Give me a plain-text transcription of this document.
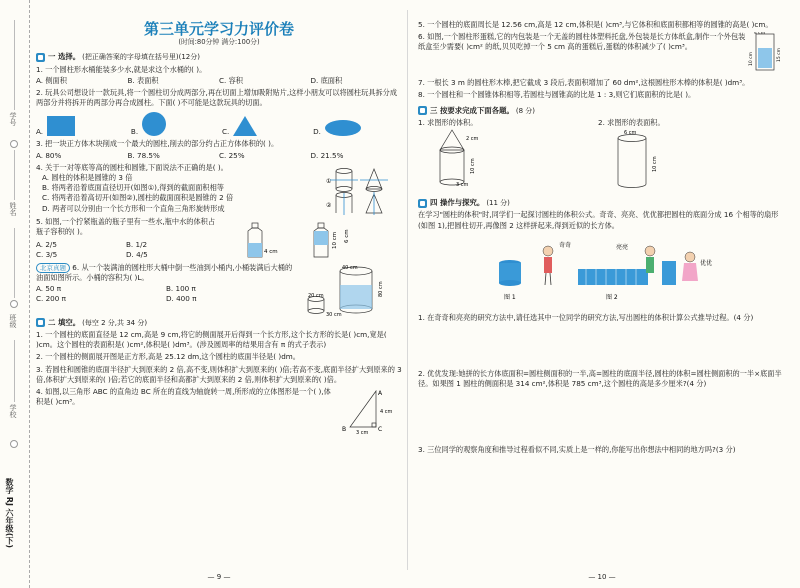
学号
姓名
班级
学校
数学 RJ 六年级(下)
第三单元学习力评价卷
(时间:80分钟 满分:100分)
一 选择。 (把正确答案的字母填在括号里)(12分)
1. 一个圆柱形水桶能装多少水,就是求这个水桶的( )。
A. 侧面积	B. 表面积	C. 容积	D. 底面积
2. 玩具公司想设计一款玩具,将一个圆柱切分成两部分,再在切面上增加吸附贴片,这样小朋友可以将圆柱玩具拆分成两部分并将拆开的两部分再合成圆柱。下面( )不可能是这款玩具的切面。
A.	B.	C.	D.
3. 把一块正方体木块削成一个最大的圆柱,削去的部分约占正方体体积的( )。
A. 80%	B. 78.5%	C. 25%	D. 21.5%
4. 关于一对等底等高的圆柱和圆锥,下面说法不正确的是( )。
A. 圆柱的体积是圆锥的 3 倍
B. 将两者沿着底面直径切开(如图①),得到的截面面积相等
C. 将两者沿着高切开(如图②),圆柱的截面面积是圆锥的 2 倍
D. 两者可以分别由一个长方形和一个直角三角形旋转形成
①
②
5. 如图,一个拧紧瓶盖的瓶子里有一些水,瓶中水的体积占瓶子容积的( )。
A. 2/5	B. 1/2
C. 3/5	D. 4/5	4 cm
10 cm 6 cm
北京真题 6. 从一个装满油的圆柱形大桶中倒一些油到小桶内,小桶装满后大桶的油面如图所示。小桶的容积为( )L。
A. 50 π	B. 100 π
C. 200 π	D. 400 π
40 cm
80 cm
20 cm
30 cm
二 填空。 (每空 2 分,共 34 分)
1. 一个圆柱的底面直径是 12 cm,高是 9 cm,将它的侧面展开后得到一个长方形,这个长方形的长是( )cm,宽是( )cm。这个圆柱的表面积是( )cm²,体积是( )dm³。(涉及圆周率的结果用含有 π 的式子表示)
2. 一个圆柱的侧面展开图是正方形,高是 25.12 dm,这个圆柱的底面半径是( )dm。
3. 若圆柱和圆锥的底面半径扩大到原来的 2 倍,高不变,则体积扩大到原来的( )倍;若高不变,底面半径扩大到原来的 3 倍,体积扩大到原来的( )倍;若它的底面半径和高都扩大到原来的 2 倍,则体积扩大到原来的( )倍。
4. 如图,以三角形 ABC 的直角边 BC 所在的直线为轴旋转一周,所形成的立体图形是一个( ),体积是( )cm³。
A
4 cm
B 3 cm C
— 9 —
5. 一个圆柱的底面周长是 12.56 cm,高是 12 cm,体积是( )cm³,与它体积和底面积都相等的圆锥的高是( )cm。
6. 如图,一个圆柱形蛋糕,它的内包装是一个无盖的圆柱体塑料托盘,外包装是长方体纸盒,制作一个外包装纸盒至少需要( )cm² 的纸,贝贝吃掉一个 5 cm 高的蛋糕后,蛋糕的体积减少了( )cm³。
4 cm
15 cm
10 cm
7. 一根长 3 m 的圆柱形木棒,把它截成 3 段后,表面积增加了 60 dm²,这根圆柱形木棒的体积是( )dm³。
8. 一个圆柱和一个圆锥体积相等,若圆柱与圆锥高的比是 1 : 3,则它们底面积的比是( )。
三 按要求完成下面各题。 (8 分)
1. 求图形的体积。
2 cm
3 cm
10 cm
2. 求图形的表面积。
6 cm
10 cm
四 操作与探究。 (11 分)
在学习"圆柱的体积"时,同学们一起探讨圆柱的体积公式。奇奇、亮亮、优优都把圆柱的底面分成 16 个相等的扇形(如图 1),把圆柱切开,再像图 2 这样拼起来,得到近似的长方体。
奇奇	亮亮
优优
图 1	图 2
1. 在奇奇和亮亮的研究方法中,请任选其中一位同学的研究方法,写出圆柱的体积计算公式推导过程。(4 分)
2. 优优发现:她拼的长方体底面积=圆柱侧面积的一半,高=圆柱的底面半径,圆柱的体积=圆柱侧面积的一半×底面半径。如果图 1 圆柱的侧面积是 314 cm²,体积是 785 cm³,这个圆柱的高是多少厘米?(4 分)
3. 三位同学的观察角度和推导过程看似不同,实质上是一样的,你能写出你想法中相同的地方吗?(3 分)
— 10 —
